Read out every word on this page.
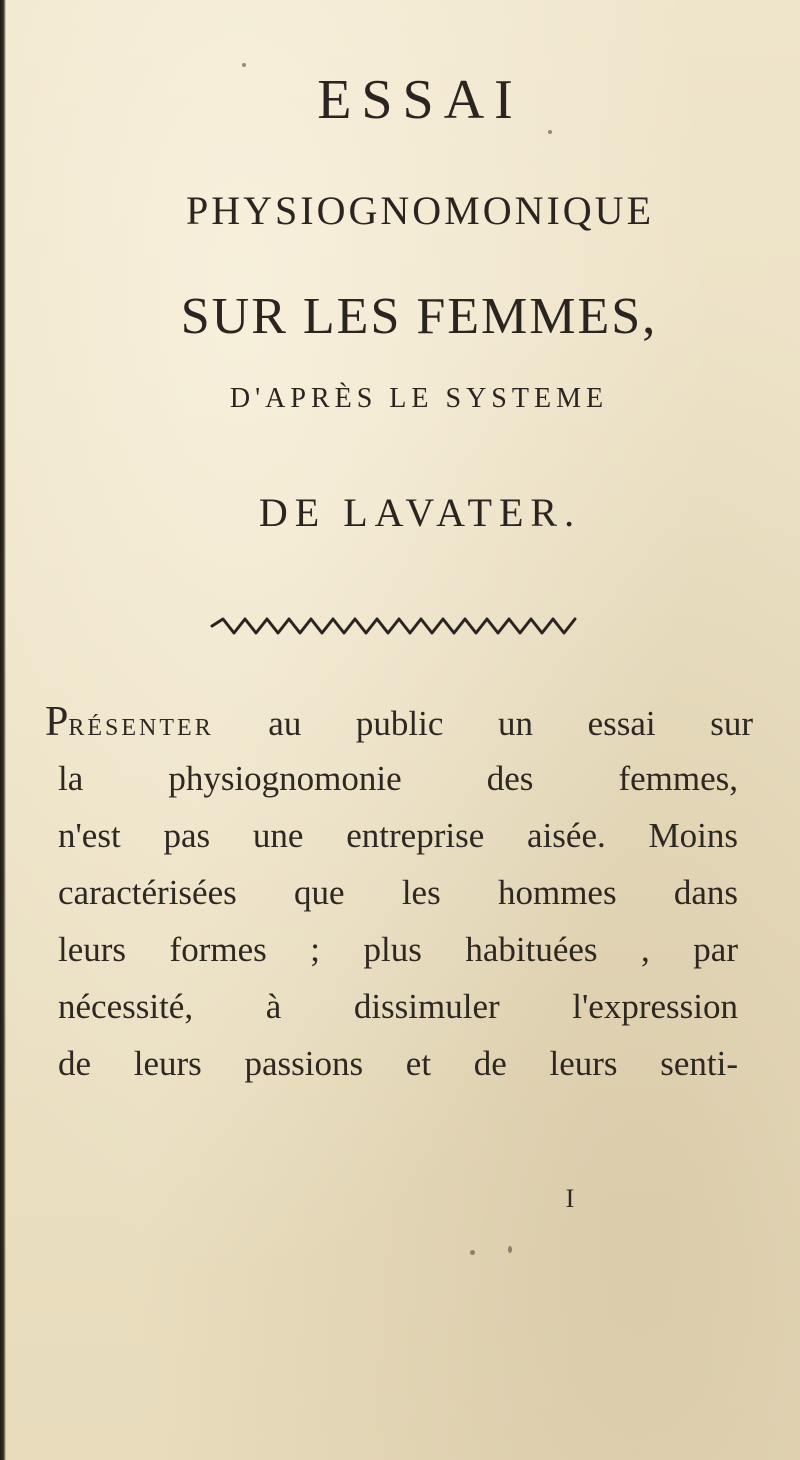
ESSAI
PHYSIOGNOMONIQUE
SUR LES FEMMES,
D'APRÈS LE SYSTEME
DE LAVATER.
PRÉSENTER au public un essai sur
la physiognomonie des femmes,
n'est pas une entreprise aisée. Moins
caractérisées que les hommes dans
leurs formes ; plus habituées , par
nécessité, à dissimuler l'expression
de leurs passions et de leurs senti-
I
